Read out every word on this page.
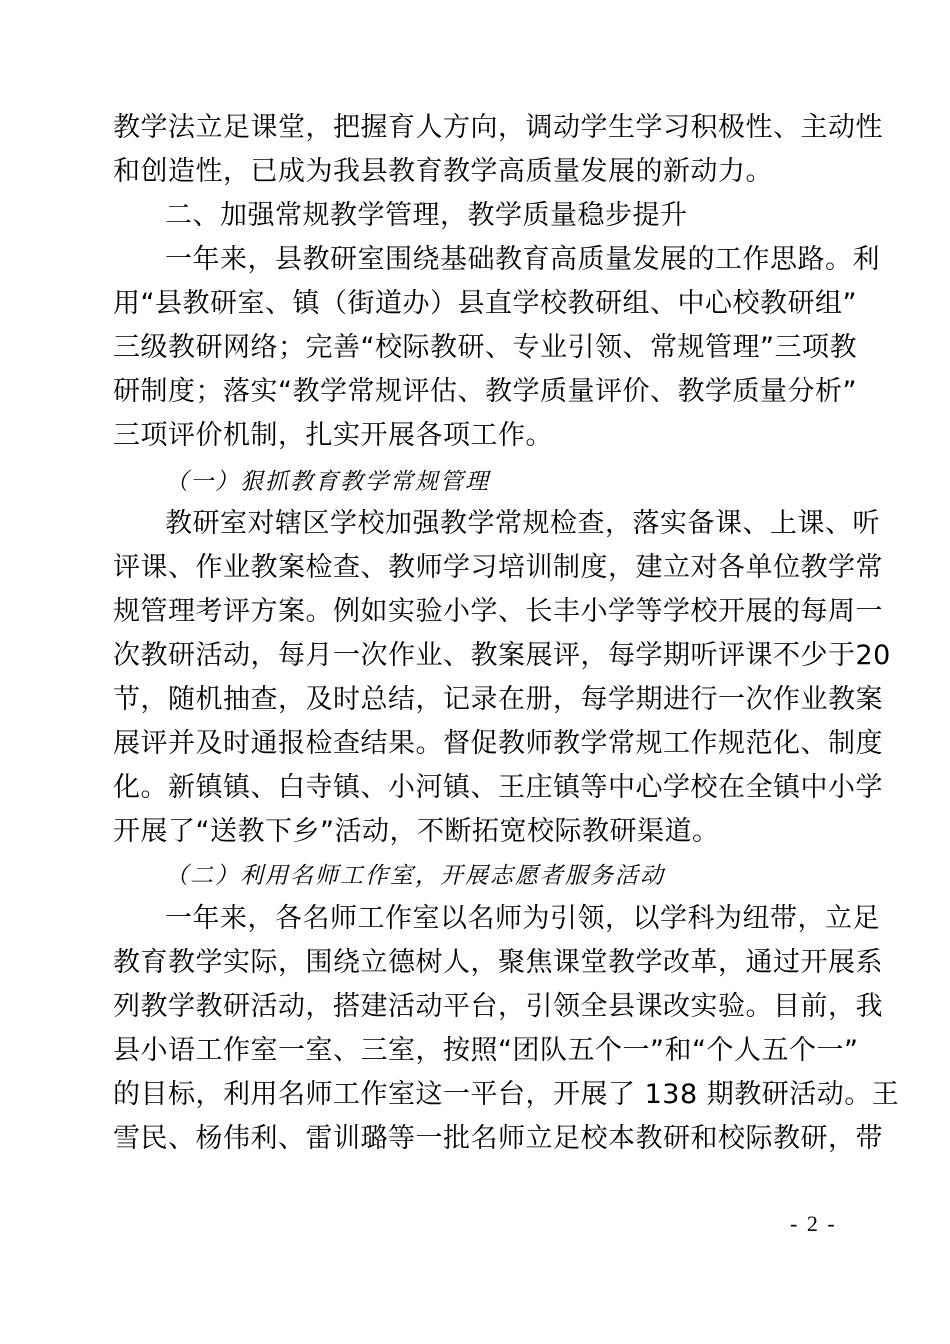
教学法立足课堂，把握育人方向，调动学生学习积极性、主动性
和创造性，已成为我县教育教学高质量发展的新动力。
二、加强常规教学管理，教学质量稳步提升
一年来，县教研室围绕基础教育高质量发展的工作思路。利
用“县教研室、镇（街道办）县直学校教研组、中心校教研组”
三级教研网络；完善“校际教研、专业引领、常规管理”三项教
研制度；落实“教学常规评估、教学质量评价、教学质量分析”
三项评价机制，扎实开展各项工作。
（一）狠抓教育教学常规管理
教研室对辖区学校加强教学常规检查，落实备课、上课、听
评课、作业教案检查、教师学习培训制度，建立对各单位教学常
规管理考评方案。例如实验小学、长丰小学等学校开展的每周一
次教研活动，每月一次作业、教案展评，每学期听评课不少于20
节，随机抽查，及时总结，记录在册，每学期进行一次作业教案
展评并及时通报检查结果。督促教师教学常规工作规范化、制度
化。新镇镇、白寺镇、小河镇、王庄镇等中心学校在全镇中小学
开展了“送教下乡”活动，不断拓宽校际教研渠道。
（二）利用名师工作室，开展志愿者服务活动
一年来，各名师工作室以名师为引领，以学科为纽带，立足
教育教学实际，围绕立德树人，聚焦课堂教学改革，通过开展系
列教学教研活动，搭建活动平台，引领全县课改实验。目前，我
县小语工作室一室、三室，按照“团队五个一”和“个人五个一”
的目标，利用名师工作室这一平台，开展了 138 期教研活动。王
雪民、杨伟利、雷训璐等一批名师立足校本教研和校际教研，带
- 2 -
